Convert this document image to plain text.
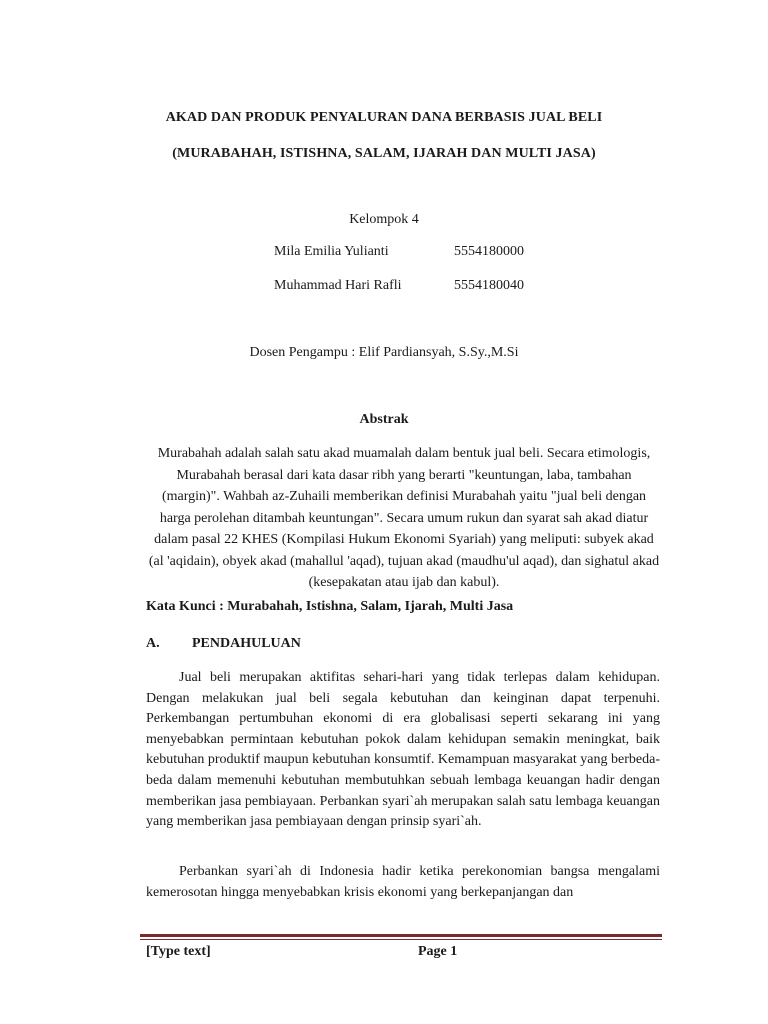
AKAD DAN PRODUK PENYALURAN DANA BERBASIS JUAL BELI
(MURABAHAH, ISTISHNA, SALAM, IJARAH DAN MULTI JASA)
Kelompok 4
Mila Emilia Yulianti	5554180000
Muhammad Hari Rafli	5554180040
Dosen Pengampu : Elif Pardiansyah, S.Sy.,M.Si
Abstrak
Murabahah adalah salah satu akad muamalah dalam bentuk jual beli. Secara etimologis, Murabahah berasal dari kata dasar ribh yang berarti "keuntungan, laba, tambahan (margin)". Wahbah az-Zuhaili memberikan definisi Murabahah yaitu "jual beli dengan harga perolehan ditambah keuntungan". Secara umum rukun dan syarat sah akad diatur dalam pasal 22 KHES (Kompilasi Hukum Ekonomi Syariah) yang meliputi: subyek akad (al 'aqidain), obyek akad (mahallul 'aqad), tujuan akad (maudhu'ul aqad), dan sighatul akad (kesepakatan atau ijab dan kabul).
Kata Kunci : Murabahah, Istishna, Salam, Ijarah, Multi Jasa
A. PENDAHULUAN
Jual beli merupakan aktifitas sehari-hari yang tidak terlepas dalam kehidupan. Dengan melakukan jual beli segala kebutuhan dan keinginan dapat terpenuhi. Perkembangan pertumbuhan ekonomi di era globalisasi seperti sekarang ini yang menyebabkan permintaan kebutuhan pokok dalam kehidupan semakin meningkat, baik kebutuhan produktif maupun kebutuhan konsumtif. Kemampuan masyarakat yang berbeda-beda dalam memenuhi kebutuhan membutuhkan sebuah lembaga keuangan hadir dengan memberikan jasa pembiayaan. Perbankan syari`ah merupakan salah satu lembaga keuangan yang memberikan jasa pembiayaan dengan prinsip syari`ah.
Perbankan syari`ah di Indonesia hadir ketika perekonomian bangsa mengalami kemerosotan hingga menyebabkan krisis ekonomi yang berkepanjangan dan
[Type text]	Page 1
